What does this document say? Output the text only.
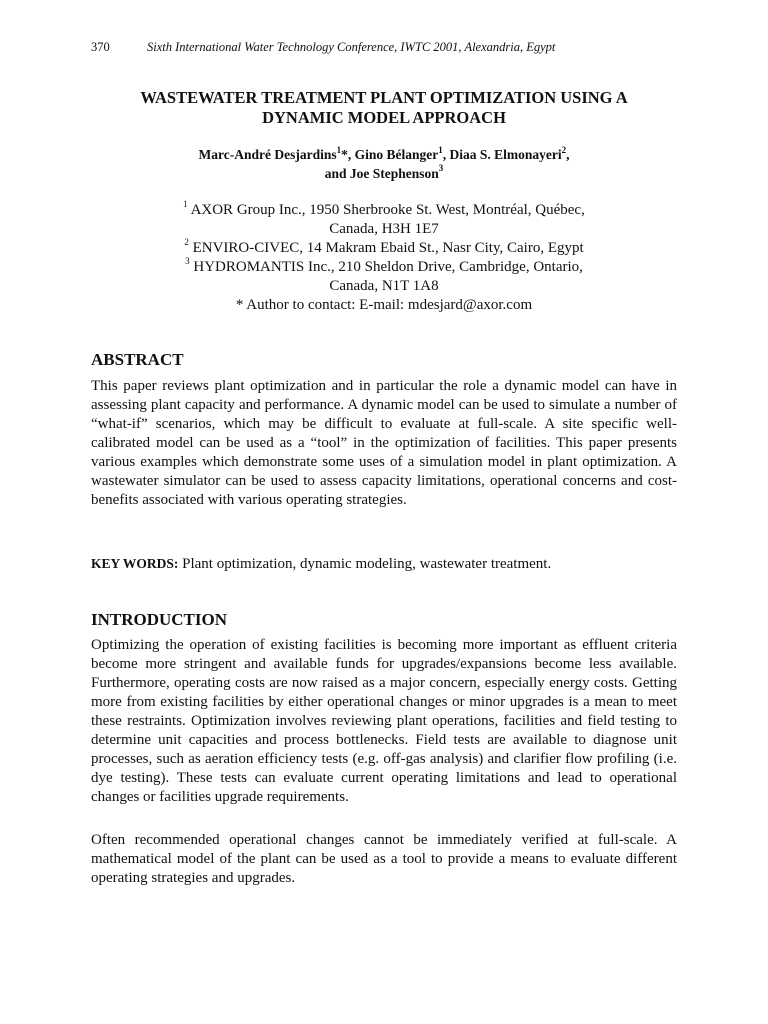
370	Sixth International Water Technology Conference, IWTC 2001, Alexandria, Egypt
WASTEWATER TREATMENT PLANT OPTIMIZATION USING A
DYNAMIC MODEL APPROACH
Marc-André Desjardins$^1$*, Gino Bélanger$^1$, Diaa S. Elmonayeri$^2$,
and Joe Stephenson$^3$

$^1$ AXOR Group Inc., 1950 Sherbrooke St. West, Montréal, Québec,

Canada, H3H 1E7

$^2$ ENVIRO-CIVEC, 14 Makram Ebaid St., Nasr City, Cairo, Egypt

$^3$ HYDROMANTIS Inc., 210 Sheldon Drive, Cambridge, Ontario,

Canada, N1T 1A8

* Author to contact: E-mail: mdesjard@axor.com

ABSTRACT

This paper reviews plant optimization and in particular the role a dynamic model can have in assessing plant capacity and performance. A dynamic model can be used to simulate a number of “what-if” scenarios, which may be difficult to evaluate at full-scale. A site specific well-calibrated model can be used as a “tool” in the optimization of facilities. This paper presents various examples which demonstrate some uses of a simulation model in plant optimization. A wastewater simulator can be used to assess capacity limitations, operational concerns and cost-benefits associated with various operating strategies.

KEY WORDS: Plant optimization, dynamic modeling, wastewater treatment.

INTRODUCTION

Optimizing the operation of existing facilities is becoming more important as effluent criteria become more stringent and available funds for upgrades/expansions become less available. Furthermore, operating costs are now raised as a major concern, especially energy costs. Getting more from existing facilities by either operational changes or minor upgrades is a mean to meet these restraints. Optimization involves reviewing plant operations, facilities and field testing to determine unit capacities and process bottlenecks. Field tests are available to diagnose unit processes, such as aeration efficiency tests (e.g. off-gas analysis) and clarifier flow profiling (i.e. dye testing). These tests can evaluate current operating limitations and lead to operational changes or facilities upgrade requirements.

Often recommended operational changes cannot be immediately verified at full-scale. A mathematical model of the plant can be used as a tool to provide a means to evaluate different operating strategies and upgrades.
